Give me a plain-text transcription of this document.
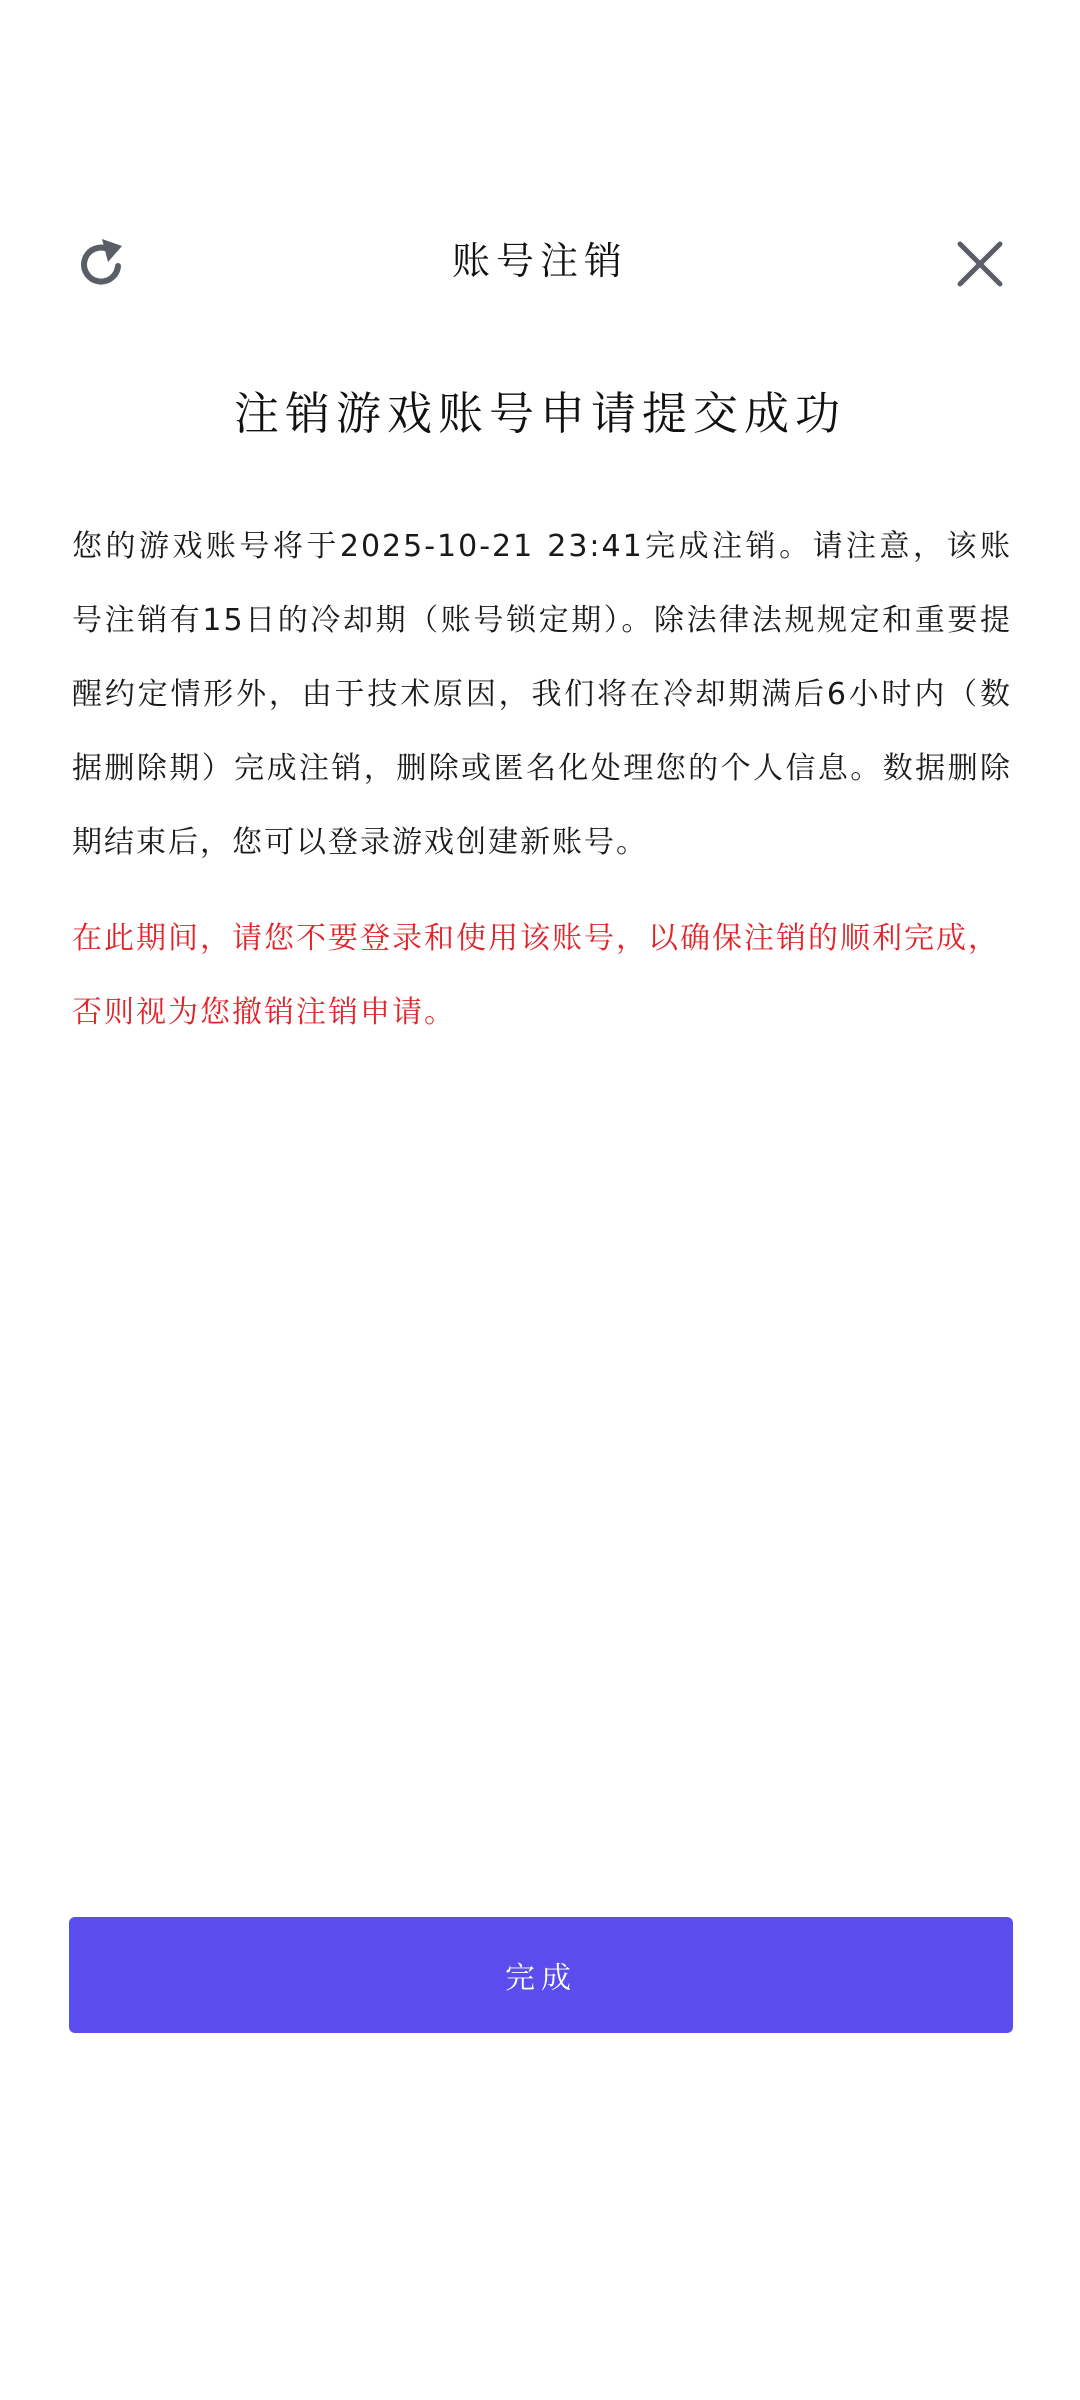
账号注销
注销游戏账号申请提交成功

您的游戏账号将于2025-10-21 23:41完成注销。请注意，该账号注销有15日的冷却期（账号锁定期）。除法律法规规定和重要提醒约定情形外，由于技术原因，我们将在冷却期满后6小时内（数据删除期）完成注销，删除或匿名化处理您的个人信息。数据删除期结束后，您可以登录游戏创建新账号。

在此期间，请您不要登录和使用该账号，以确保注销的顺利完成，否则视为您撤销注销申请。

完成
